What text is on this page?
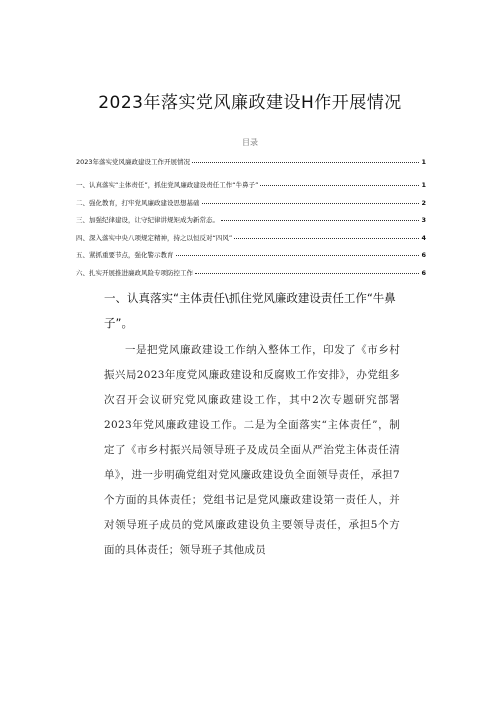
2023年落实党风廉政建设H作开展情况
目录
2023年落实党风廉政建设工作开展情况	1
一、认真落实“主体责任”，抓住党风廉政建设责任工作“牛鼻子”	1
二、强化教育，打牢党风廉政建设思想基础	2
三、加强纪律建设，让守纪律讲规矩成为新常态。	3
四、深入落实中央八项规定精神，持之以恒反对“四风”	4
五、紧抓重要节点，强化警示教育	6
六、扎实开展推进廉政风险专项防控工作	6
一、认真落实“主体责任\抓住党风廉政建设责任工作“牛鼻子”。
一是把党风廉政建设工作纳入整体工作，印发了《市乡村振兴局2023年度党风廉政建设和反腐败工作安排》，办党组多次召开会议研究党风廉政建设工作，其中2次专题研究部署2023年党风廉政建设工作。二是为全面落实“主体责任”，制定了《市乡村振兴局领导班子及成员全面从严治党主体责任清单》，进一步明确党组对党风廉政建设负全面领导责任，承担7个方面的具体责任；党组书记是党风廉政建设第一责任人，并对领导班子成员的党风廉政建设负主要领导责任，承担5个方面的具体责任；领导班子其他成员
